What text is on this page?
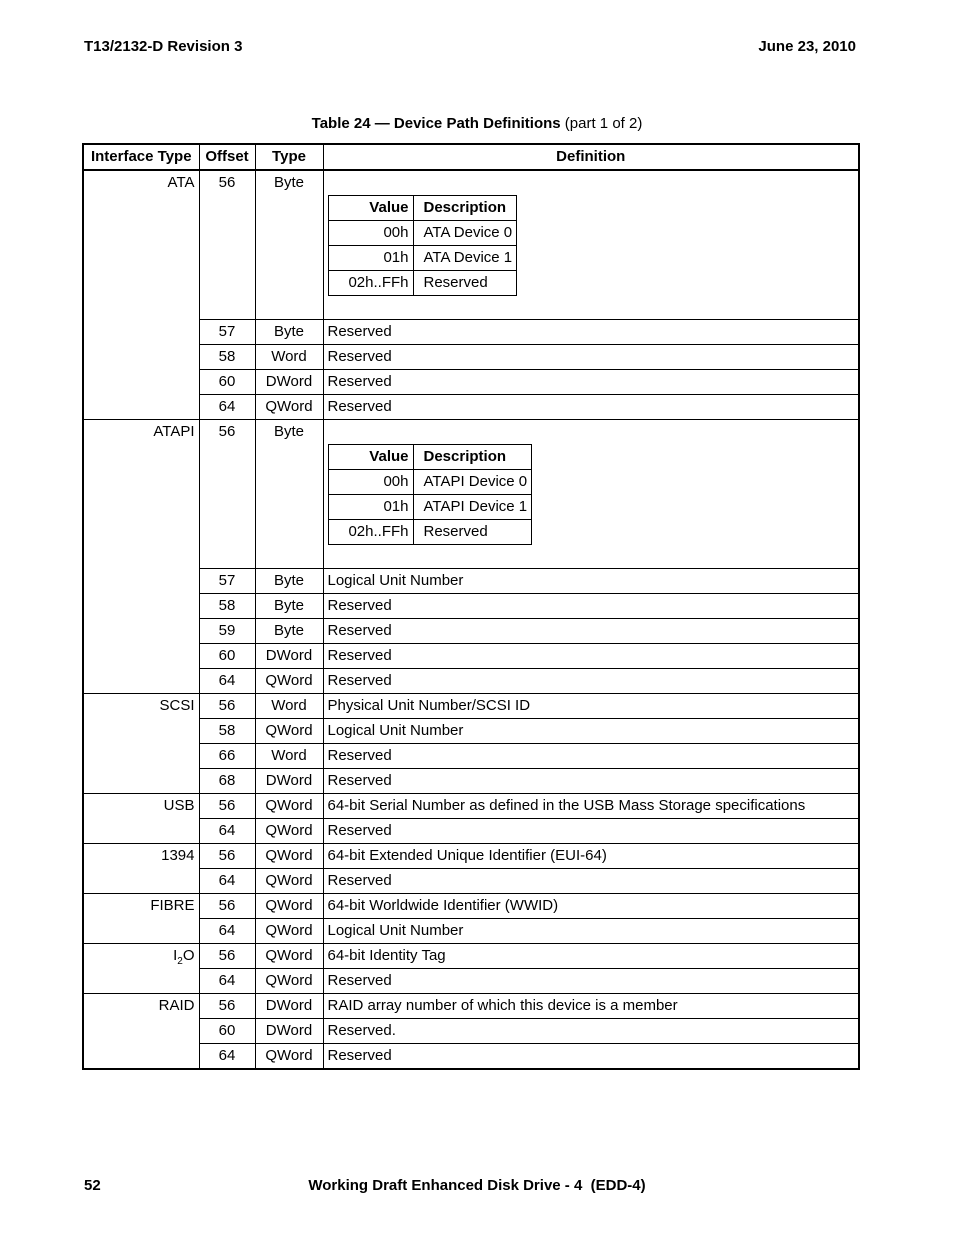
T13/2132-D Revision 3	June 23, 2010
Table 24 — Device Path Definitions (part 1 of 2)
Interface Type	Offset	Type	Definition
ATA	56	Byte	
Value	Description
00h	ATA Device 0
01h	ATA Device 1
02h..FFh	Reserved

57	Byte	Reserved
58	Word	Reserved
60	DWord	Reserved
64	QWord	Reserved
ATAPI	56	Byte	
Value	Description
00h	ATAPI Device 0
01h	ATAPI Device 1
02h..FFh	Reserved

57	Byte	Logical Unit Number
58	Byte	Reserved
59	Byte	Reserved
60	DWord	Reserved
64	QWord	Reserved
SCSI	56	Word	Physical Unit Number/SCSI ID
58	QWord	Logical Unit Number
66	Word	Reserved
68	DWord	Reserved
USB	56	QWord	64-bit Serial Number as defined in the USB Mass Storage specifications
64	QWord	Reserved
1394	56	QWord	64-bit Extended Unique Identifier (EUI-64)
64	QWord	Reserved
FIBRE	56	QWord	64-bit Worldwide Identifier (WWID)
64	QWord	Logical Unit Number
$I_2O$	56	QWord	64-bit Identity Tag
64	QWord	Reserved
RAID	56	DWord	RAID array number of which this device is a member
60	DWord	Reserved.
64	QWord	Reserved
52	Working Draft Enhanced Disk Drive - 4  (EDD-4)
